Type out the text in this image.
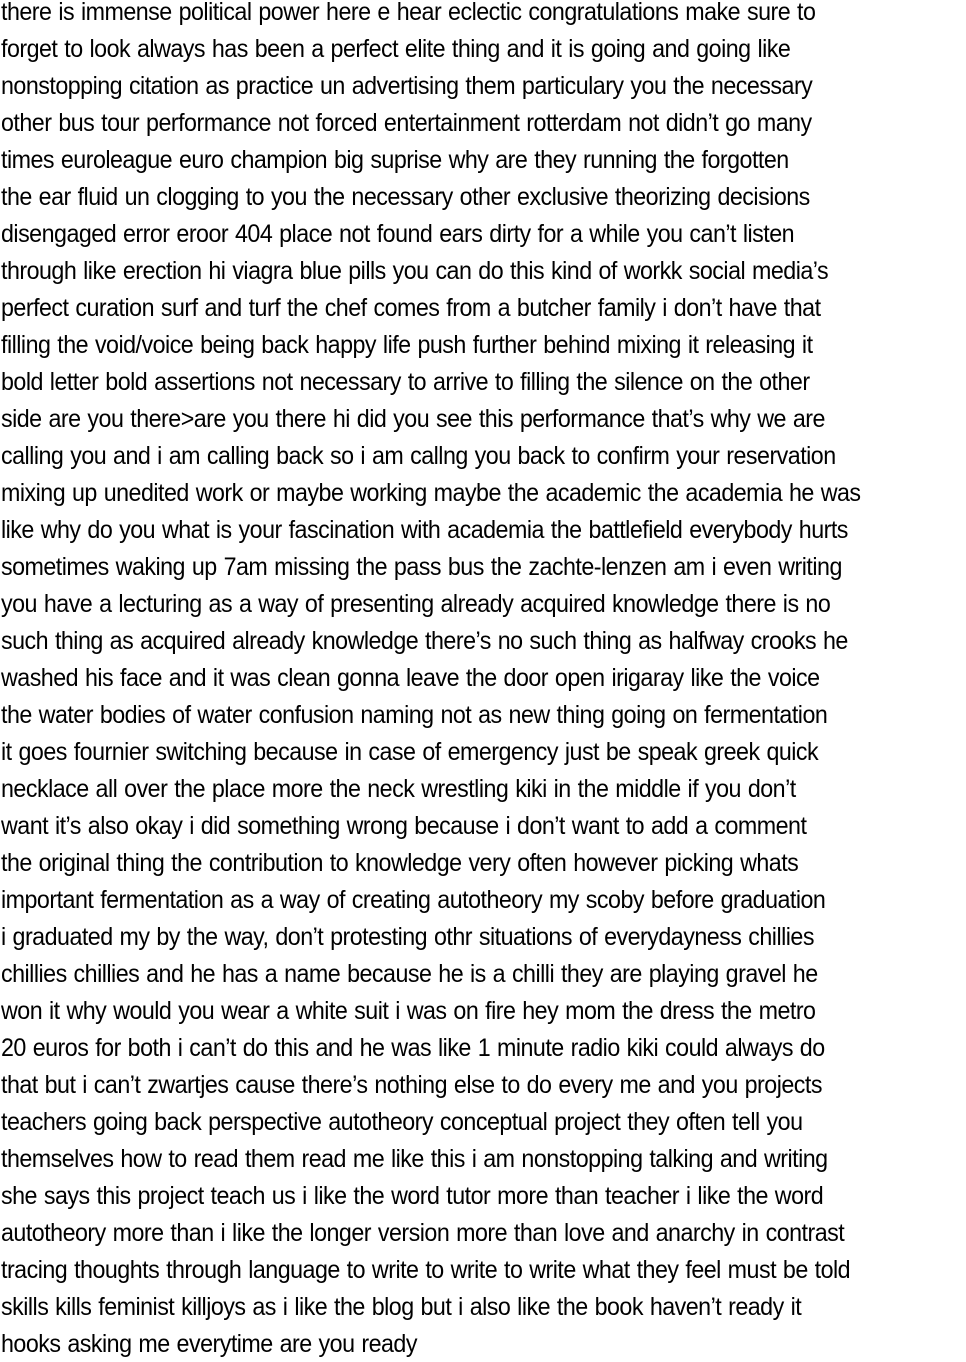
there is immense political power here e hear eclectic congratulations make sure to
forget to look always has been a perfect elite thing and it is going and going like
nonstopping citation as practice un advertising them particulary you the necessary
other bus tour performance not forced entertainment rotterdam not didn’t go many
times euroleague euro champion big suprise why are they running the forgotten
the ear fluid un clogging to you the necessary other exclusive theorizing decisions
disengaged error eroor 404 place not found ears dirty for a while you can’t listen
through like erection hi viagra blue pills you can do this kind of workk social media’s
perfect curation surf and turf the chef comes from a butcher family i don’t have that
filling the void/voice being back happy life push further behind mixing it releasing it
bold letter bold assertions not necessary to arrive to filling the silence on the other
side are you there>are you there hi did you see this performance that’s why we are
calling you and i am calling back so i am callng you back to confirm your reservation
mixing up unedited work or maybe working maybe the academic the academia he was
like why do you what is your fascination with academia the battlefield everybody hurts
sometimes waking up 7am missing the pass bus the zachte-lenzen am i even writing
you have a lecturing as a way of presenting already acquired knowledge there is no
such thing as acquired already knowledge there’s no such thing as halfway crooks he
washed his face and it was clean gonna leave the door open irigaray like the voice
the water bodies of water confusion naming not as new thing going on fermentation
it goes fournier switching because in case of emergency just be speak greek quick
necklace all over the place more the neck wrestling kiki in the middle if you don’t
want it’s also okay i did something wrong because i don’t want to add a comment
the original thing the contribution to knowledge very often however picking whats
important fermentation as a way of creating autotheory my scoby before graduation
i graduated my by the way, don’t protesting othr situations of everydayness chillies
chillies chillies and he has a name because he is a chilli they are playing gravel he
won it why would you wear a white suit i was on fire hey mom the dress the metro
20 euros for both i can’t do this and he was like 1 minute radio kiki could always do
that but i can’t zwartjes cause there’s nothing else to do every me and you projects
teachers going back perspective autotheory conceptual project they often tell you
themselves how to read them read me like this i am nonstopping talking and writing
she says this project teach us i like the word tutor more than teacher i like the word
autotheory more than i like the longer version more than love and anarchy in contrast
tracing thoughts through language to write to write to write what they feel must be told
skills kills feminist killjoys as i like the blog but i also like the book haven’t ready it
hooks asking me everytime are you ready
